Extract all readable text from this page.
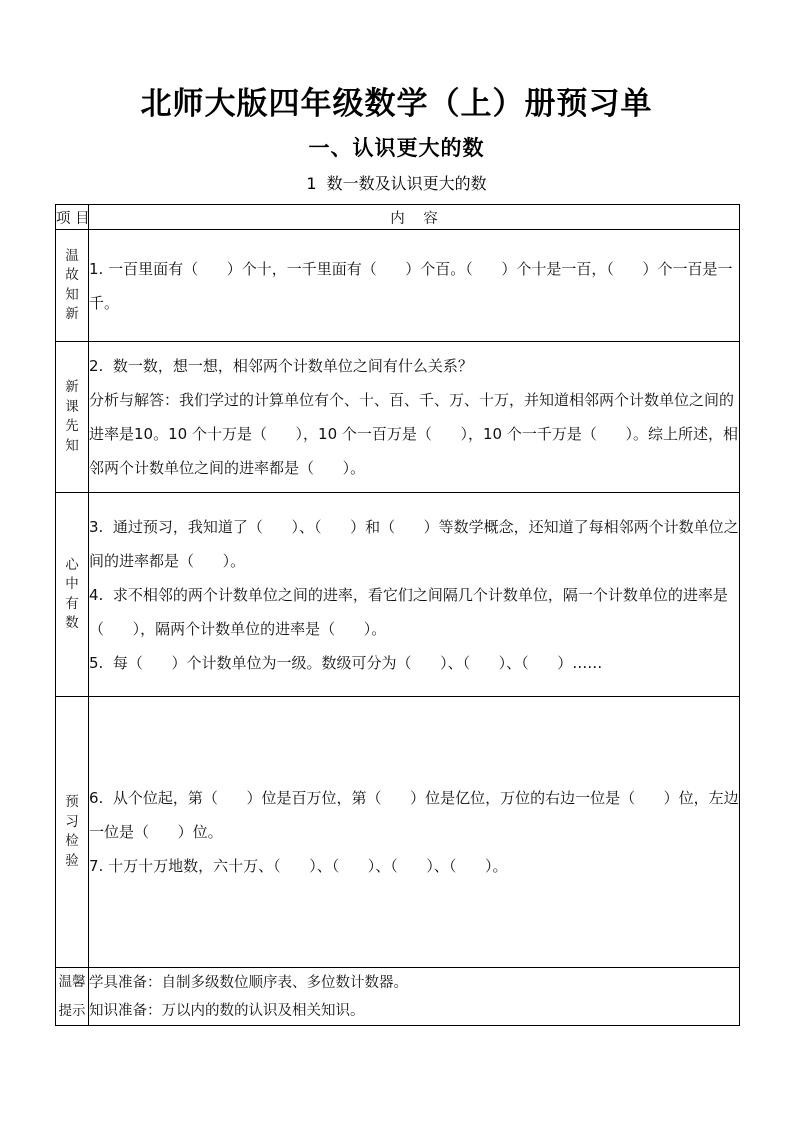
北师大版四年级数学（上）册预习单
一、认识更大的数
1  数一数及认识更大的数
项 目	内    容
温故知新	1. 一百里面有（      ）个十，一千里面有（      ）个百。（      ）个十是一百，（      ）个一百是一千。

新课先知	2.  数一数，想一想，相邻两个计数单位之间有什么关系？

分析与解答：我们学过的计算单位有个、十、百、千、万、十万，并知道相邻两个计数单位之间的进率是10。10 个十万是（      ），10 个一百万是（      ），10 个一千万是（      ）。综上所述，相邻两个计数单位之间的进率都是（      ）。

心中有数	3.  通过预习，我知道了（      ）、（      ）和（      ）等数学概念，还知道了每相邻两个计数单位之间的进率都是（      ）。

4.  求不相邻的两个计数单位之间的进率，看它们之间隔几个计数单位，隔一个计数单位的进率是（      ），隔两个计数单位的进率是（      ）。

5.  每（      ）个计数单位为一级。数级可分为（      ）、（      ）、（      ）……

预习检验	6.  从个位起，第（      ）位是百万位，第（      ）位是亿位，万位的右边一位是（      ）位，左边一位是（      ）位。

7. 十万十万地数，六十万、（      ）、（      ）、（      ）、（      ）。

温馨提示	学具准备：自制多级数位顺序表、多位数计数器。

知识准备：万以内的数的认识及相关知识。
